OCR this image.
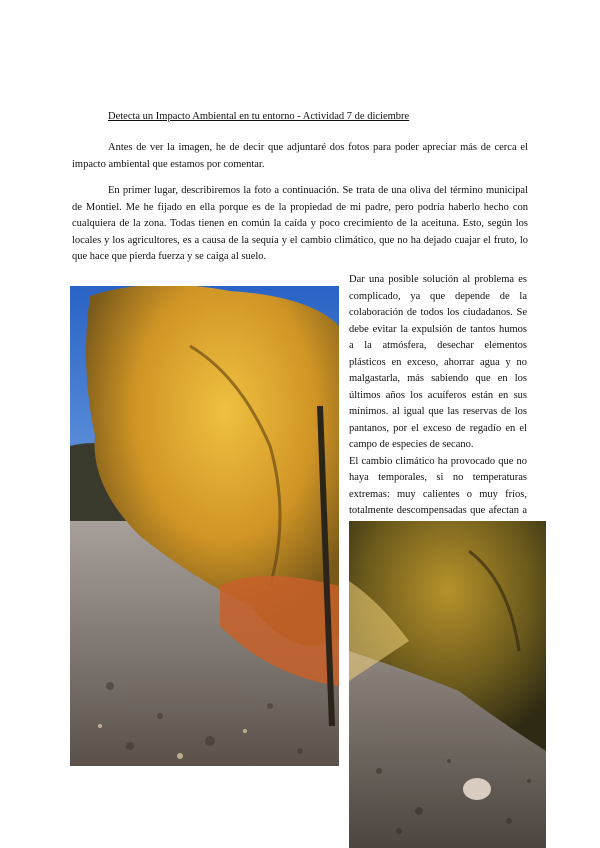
Detecta un Impacto Ambiental en tu entorno - Actividad 7 de diciembre

Antes de ver la imagen, he de decir que adjuntaré dos fotos para poder apreciar más de cerca el impacto ambiental que estamos por comentar.

En primer lugar, describiremos la foto a continuación. Se trata de una oliva del término municipal de Montiel. Me he fijado en ella porque es de la propiedad de mi padre, pero podría haberlo hecho con cualquiera de la zona. Todas tienen en común la caída y poco crecimiento de la aceituna. Esto, según los locales y los agricultores, es a causa de la sequía y el cambio climático, que no ha dejado cuajar el fruto, lo que hace que pierda fuerza y se caiga al suelo.

Dar una posible solución al problema es complicado, ya que depende de la colaboración de todos los ciudadanos. Se debe evitar la expulsión de tantos humos a la atmósfera, desechar elementos plásticos en exceso, ahorrar agua y no malgastarla, más sabiendo que en los últimos años los acuíferos están en sus mínimos. al igual que las reservas de los pantanos, por el exceso de regadío en el campo de especies de secano.

El cambio climático ha provocado que no haya temporales, si no temperaturas extremas: muy calientes o muy fríos, totalmente descompensadas que afectan a
